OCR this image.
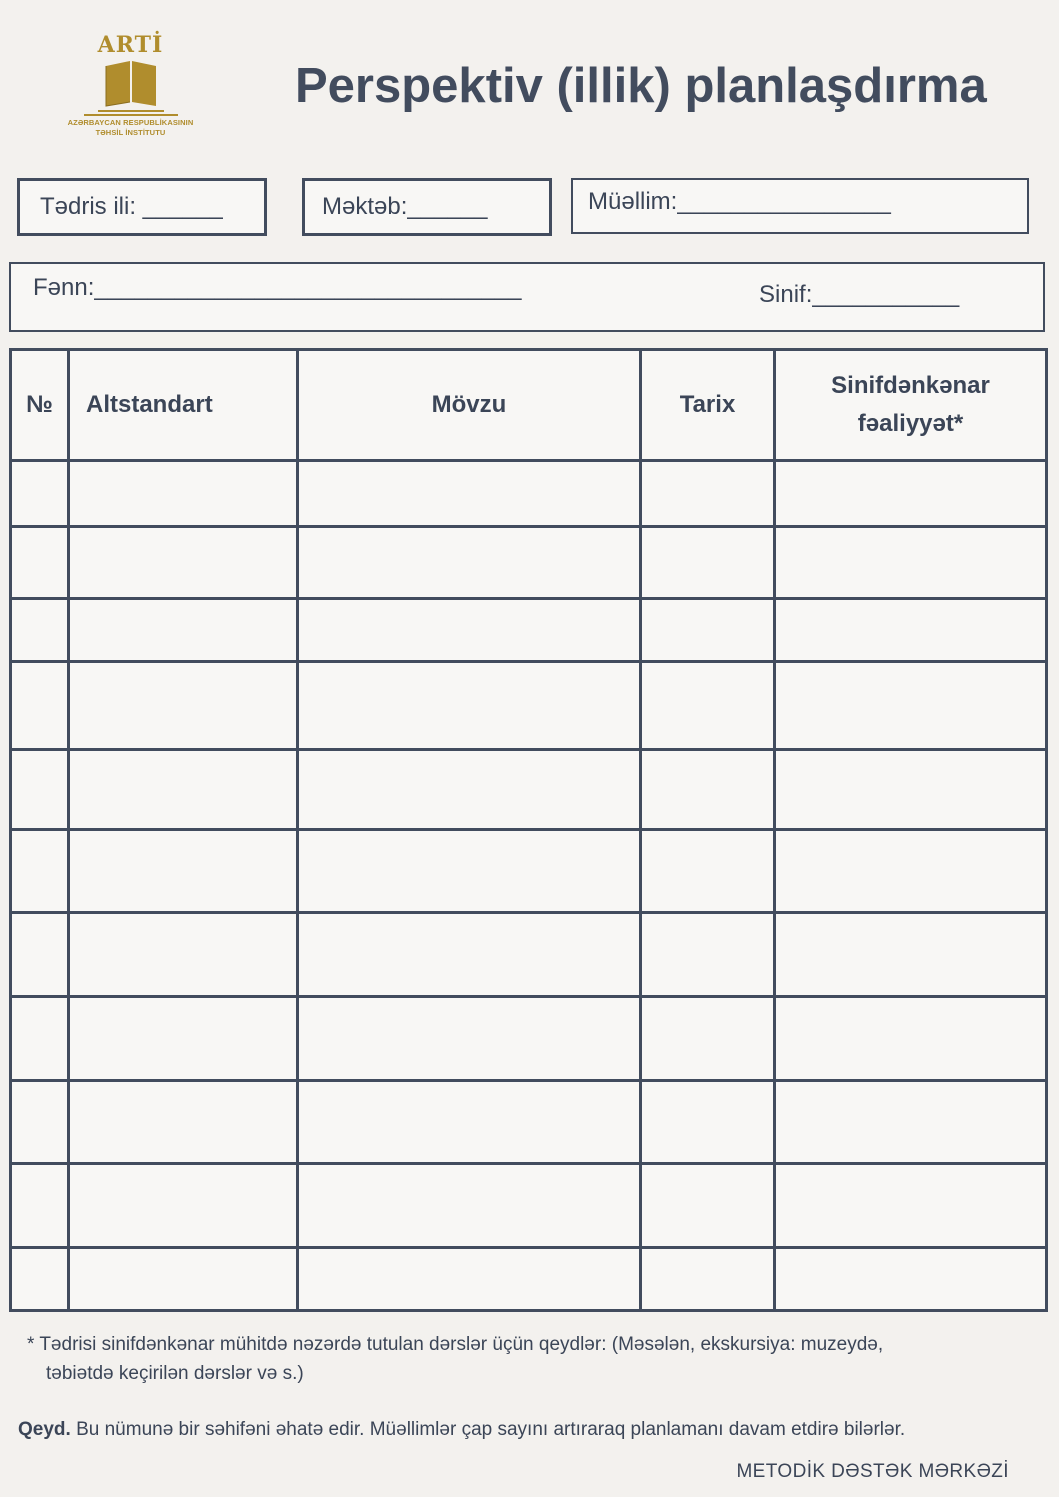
ARTİ
AZƏRBAYCAN RESPUBLİKASININ
TƏHSİL İNSTİTUTU
Perspektiv (illik) planlaşdırma
Tədris ili: ______	Məktəb:______	Müəllim:________________
Fənn:________________________________	Sinif:___________
№	Altstandart	Mövzu	Tarix	Sinifdənkənar
fəaliyyət*

* Tədrisi sinifdənkənar mühitdə nəzərdə tutulan dərslər üçün qeydlər: (Məsələn, ekskursiya: muzeydə,
təbiətdə keçirilən dərslər və s.)
Qeyd. Bu nümunə bir səhifəni əhatə edir. Müəllimlər çap sayını artıraraq planlamanı davam etdirə bilərlər.
METODİK DƏSTƏK MƏRKƏZİ
